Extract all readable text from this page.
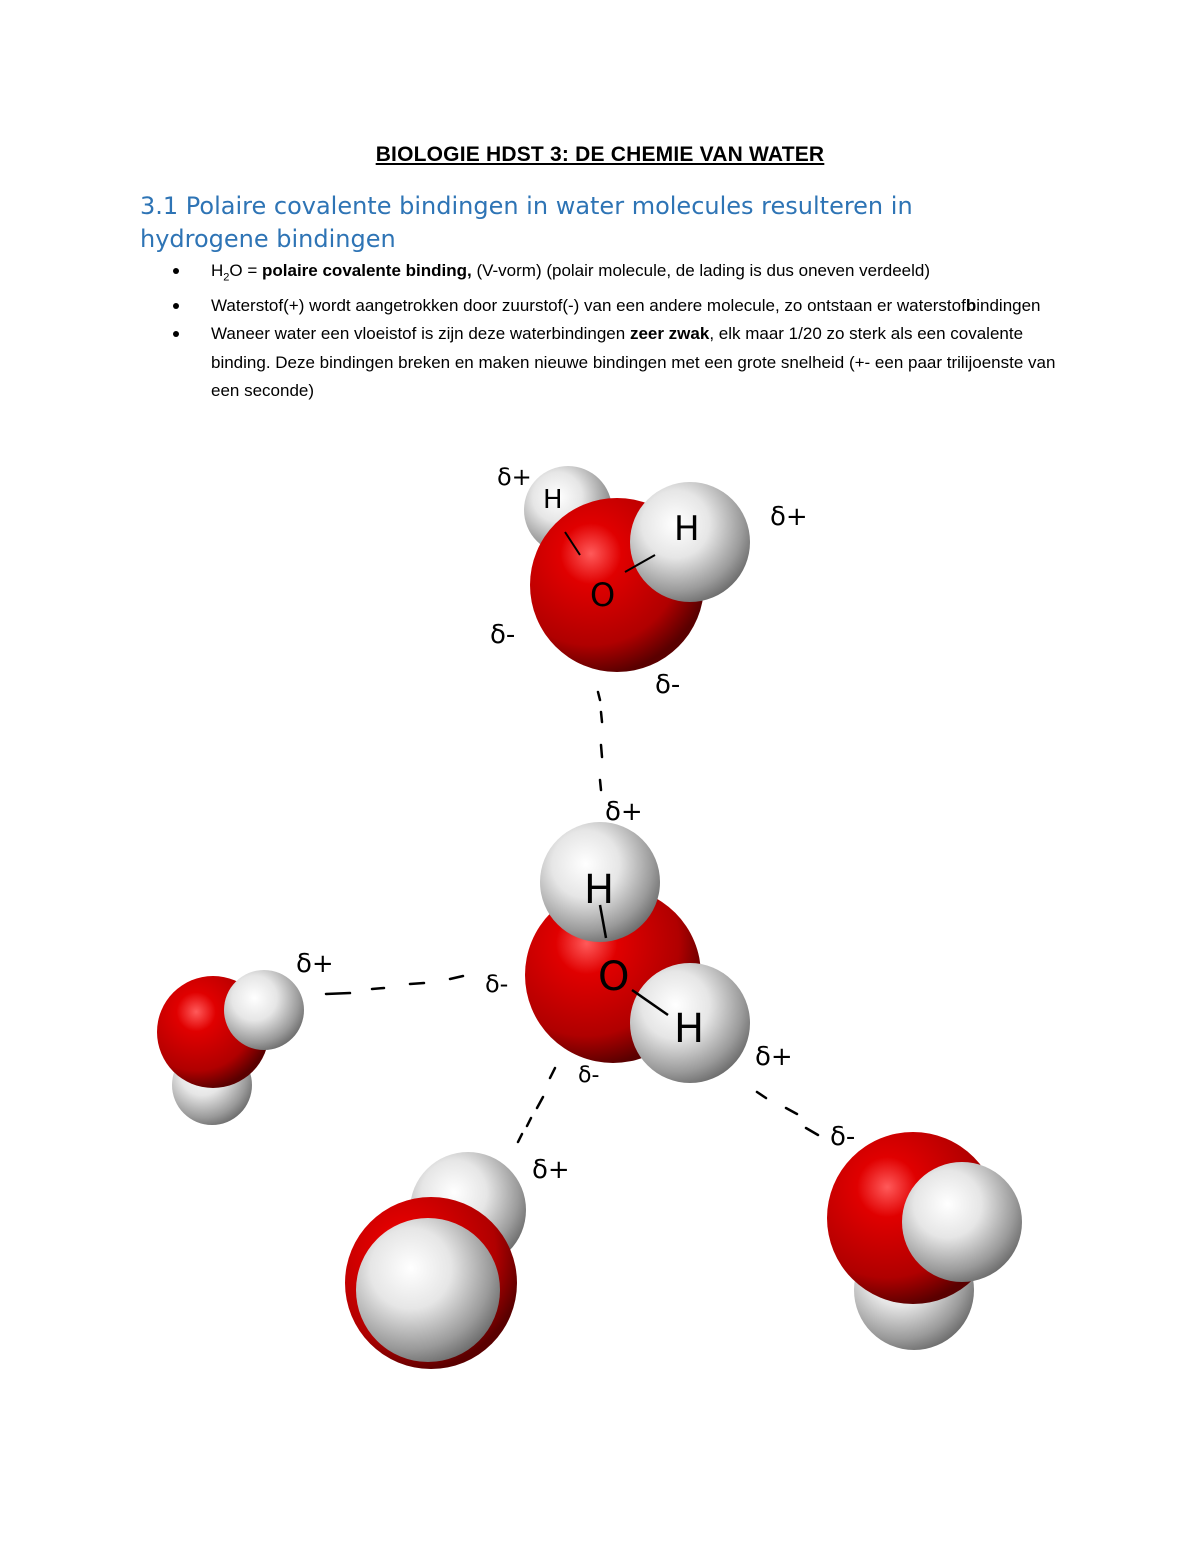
BIOLOGIE HDST 3: DE CHEMIE VAN WATER
3.1 Polaire covalente bindingen in water molecules resulteren in hydrogene bindingen
$H_2O$ = polaire covalente binding, (V-vorm) (polair molecule, de lading is dus oneven verdeeld)
Waterstof(+) wordt aangetrokken door zuurstof(-) van een andere molecule, zo ontstaan er waterstofbindingen
Waneer water een vloeistof is zijn deze waterbindingen zeer zwak, elk maar 1/20 zo sterk als een covalente binding. Deze bindingen breken en maken nieuwe bindingen met een grote snelheid (+- een paar trilijoenste van een seconde)
H
H
O
H
O
H
δ+
δ+
δ-
δ-
δ+
δ-
δ-
δ+
δ+
δ+
δ-
